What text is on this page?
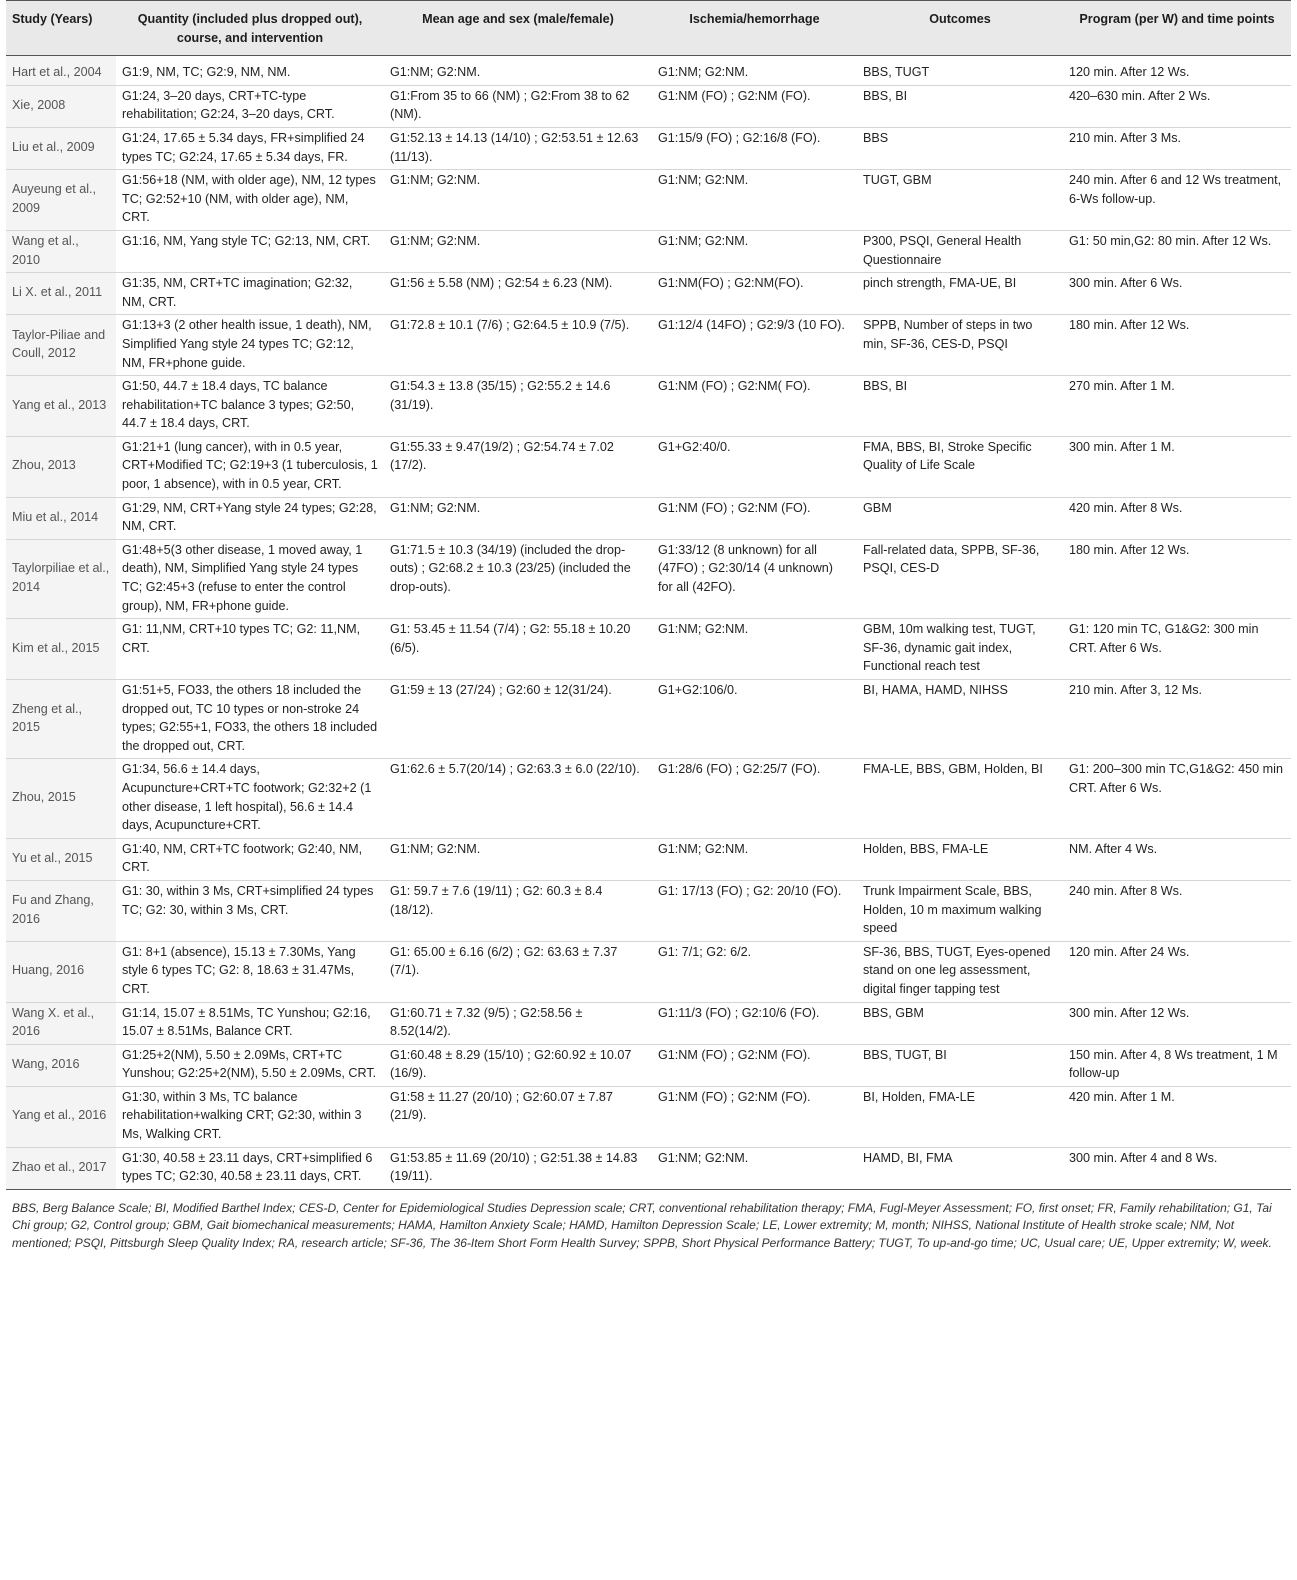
Study (Years)	Quantity (included plus dropped out), course, and intervention	Mean age and sex (male/female)	Ischemia/hemorrhage	Outcomes	Program (per W) and time points
Hart et al., 2004	G1:9, NM, TC; G2:9, NM, NM.	G1:NM; G2:NM.	G1:NM; G2:NM.	BBS, TUGT	120 min. After 12 Ws.
Xie, 2008	G1:24, 3–20 days, CRT+TC-type rehabilitation; G2:24, 3–20 days, CRT.	G1:From 35 to 66 (NM) ; G2:From 38 to 62 (NM).	G1:NM (FO) ; G2:NM (FO).	BBS, BI	420–630 min. After 2 Ws.
Liu et al., 2009	G1:24, 17.65 ± 5.34 days, FR+simplified 24 types TC; G2:24, 17.65 ± 5.34 days, FR.	G1:52.13 ± 14.13 (14/10) ; G2:53.51 ± 12.63 (11/13).	G1:15/9 (FO) ; G2:16/8 (FO).	BBS	210 min. After 3 Ms.
Auyeung et al., 2009	G1:56+18 (NM, with older age), NM, 12 types TC; G2:52+10 (NM, with older age), NM, CRT.	G1:NM; G2:NM.	G1:NM; G2:NM.	TUGT, GBM	240 min. After 6 and 12 Ws treatment, 6-Ws follow-up.
Wang et al., 2010	G1:16, NM, Yang style TC; G2:13, NM, CRT.	G1:NM; G2:NM.	G1:NM; G2:NM.	P300, PSQI, General Health Questionnaire	G1: 50 min,G2: 80 min. After 12 Ws.
Li X. et al., 2011	G1:35, NM, CRT+TC imagination; G2:32, NM, CRT.	G1:56 ± 5.58 (NM) ; G2:54 ± 6.23 (NM).	G1:NM(FO) ; G2:NM(FO).	pinch strength, FMA-UE, BI	300 min. After 6 Ws.
Taylor-Piliae and Coull, 2012	G1:13+3 (2 other health issue, 1 death), NM, Simplified Yang style 24 types TC; G2:12, NM, FR+phone guide.	G1:72.8 ± 10.1 (7/6) ; G2:64.5 ± 10.9 (7/5).	G1:12/4 (14FO) ; G2:9/3 (10 FO).	SPPB, Number of steps in two min, SF-36, CES-D, PSQI	180 min. After 12 Ws.
Yang et al., 2013	G1:50, 44.7 ± 18.4 days, TC balance rehabilitation+TC balance 3 types; G2:50, 44.7 ± 18.4 days, CRT.	G1:54.3 ± 13.8 (35/15) ; G2:55.2 ± 14.6 (31/19).	G1:NM (FO) ; G2:NM( FO).	BBS, BI	270 min. After 1 M.
Zhou, 2013	G1:21+1 (lung cancer), with in 0.5 year, CRT+Modified TC; G2:19+3 (1 tuberculosis, 1 poor, 1 absence), with in 0.5 year, CRT.	G1:55.33 ± 9.47(19/2) ; G2:54.74 ± 7.02 (17/2).	G1+G2:40/0.	FMA, BBS, BI, Stroke Specific Quality of Life Scale	300 min. After 1 M.
Miu et al., 2014	G1:29, NM, CRT+Yang style 24 types; G2:28, NM, CRT.	G1:NM; G2:NM.	G1:NM (FO) ; G2:NM (FO).	GBM	420 min. After 8 Ws.
Taylorpiliae et al., 2014	G1:48+5(3 other disease, 1 moved away, 1 death), NM, Simplified Yang style 24 types TC; G2:45+3 (refuse to enter the control group), NM, FR+phone guide.	G1:71.5 ± 10.3 (34/19) (included the drop-outs) ; G2:68.2 ± 10.3 (23/25) (included the drop-outs).	G1:33/12 (8 unknown) for all (47FO) ; G2:30/14 (4 unknown) for all (42FO).	Fall-related data, SPPB, SF-36, PSQI, CES-D	180 min. After 12 Ws.
Kim et al., 2015	G1: 11,NM, CRT+10 types TC; G2: 11,NM, CRT.	G1: 53.45 ± 11.54 (7/4) ; G2: 55.18 ± 10.20 (6/5).	G1:NM; G2:NM.	GBM, 10m walking test, TUGT, SF-36, dynamic gait index, Functional reach test	G1: 120 min TC, G1&G2: 300 min CRT. After 6 Ws.
Zheng et al., 2015	G1:51+5, FO33, the others 18 included the dropped out, TC 10 types or non-stroke 24 types; G2:55+1, FO33, the others 18 included the dropped out, CRT.	G1:59 ± 13 (27/24) ; G2:60 ± 12(31/24).	G1+G2:106/0.	BI, HAMA, HAMD, NIHSS	210 min. After 3, 12 Ms.
Zhou, 2015	G1:34, 56.6 ± 14.4 days, Acupuncture+CRT+TC footwork; G2:32+2 (1 other disease, 1 left hospital), 56.6 ± 14.4 days, Acupuncture+CRT.	G1:62.6 ± 5.7(20/14) ; G2:63.3 ± 6.0 (22/10).	G1:28/6 (FO) ; G2:25/7 (FO).	FMA-LE, BBS, GBM, Holden, BI	G1: 200–300 min TC,G1&G2: 450 min CRT. After 6 Ws.
Yu et al., 2015	G1:40, NM, CRT+TC footwork; G2:40, NM, CRT.	G1:NM; G2:NM.	G1:NM; G2:NM.	Holden, BBS, FMA-LE	NM. After 4 Ws.
Fu and Zhang, 2016	G1: 30, within 3 Ms, CRT+simplified 24 types TC; G2: 30, within 3 Ms, CRT.	G1: 59.7 ± 7.6 (19/11) ; G2: 60.3 ± 8.4 (18/12).	G1: 17/13 (FO) ; G2: 20/10 (FO).	Trunk Impairment Scale, BBS, Holden, 10 m maximum walking speed	240 min. After 8 Ws.
Huang, 2016	G1: 8+1 (absence), 15.13 ± 7.30Ms, Yang style 6 types TC; G2: 8, 18.63 ± 31.47Ms, CRT.	G1: 65.00 ± 6.16 (6/2) ; G2: 63.63 ± 7.37 (7/1).	G1: 7/1; G2: 6/2.	SF-36, BBS, TUGT, Eyes-opened stand on one leg assessment, digital finger tapping test	120 min. After 24 Ws.
Wang X. et al., 2016	G1:14, 15.07 ± 8.51Ms, TC Yunshou; G2:16, 15.07 ± 8.51Ms, Balance CRT.	G1:60.71 ± 7.32 (9/5) ; G2:58.56 ± 8.52(14/2).	G1:11/3 (FO) ; G2:10/6 (FO).	BBS, GBM	300 min. After 12 Ws.
Wang, 2016	G1:25+2(NM), 5.50 ± 2.09Ms, CRT+TC Yunshou; G2:25+2(NM), 5.50 ± 2.09Ms, CRT.	G1:60.48 ± 8.29 (15/10) ; G2:60.92 ± 10.07 (16/9).	G1:NM (FO) ; G2:NM (FO).	BBS, TUGT, BI	150 min. After 4, 8 Ws treatment, 1 M follow-up
Yang et al., 2016	G1:30, within 3 Ms, TC balance rehabilitation+walking CRT; G2:30, within 3 Ms, Walking CRT.	G1:58 ± 11.27 (20/10) ; G2:60.07 ± 7.87 (21/9).	G1:NM (FO) ; G2:NM (FO).	BI, Holden, FMA-LE	420 min. After 1 M.
Zhao et al., 2017	G1:30, 40.58 ± 23.11 days, CRT+simplified 6 types TC; G2:30, 40.58 ± 23.11 days, CRT.	G1:53.85 ± 11.69 (20/10) ; G2:51.38 ± 14.83 (19/11).	G1:NM; G2:NM.	HAMD, BI, FMA	300 min. After 4 and 8 Ws.
BBS, Berg Balance Scale; BI, Modified Barthel Index; CES-D, Center for Epidemiological Studies Depression scale; CRT, conventional rehabilitation therapy; FMA, Fugl-Meyer Assessment; FO, first onset; FR, Family rehabilitation; G1, Tai Chi group; G2, Control group; GBM, Gait biomechanical measurements; HAMA, Hamilton Anxiety Scale; HAMD, Hamilton Depression Scale; LE, Lower extremity; M, month; NIHSS, National Institute of Health stroke scale; NM, Not mentioned; PSQI, Pittsburgh Sleep Quality Index; RA, research article; SF-36, The 36-Item Short Form Health Survey; SPPB, Short Physical Performance Battery; TUGT, To up-and-go time; UC, Usual care; UE, Upper extremity; W, week.
